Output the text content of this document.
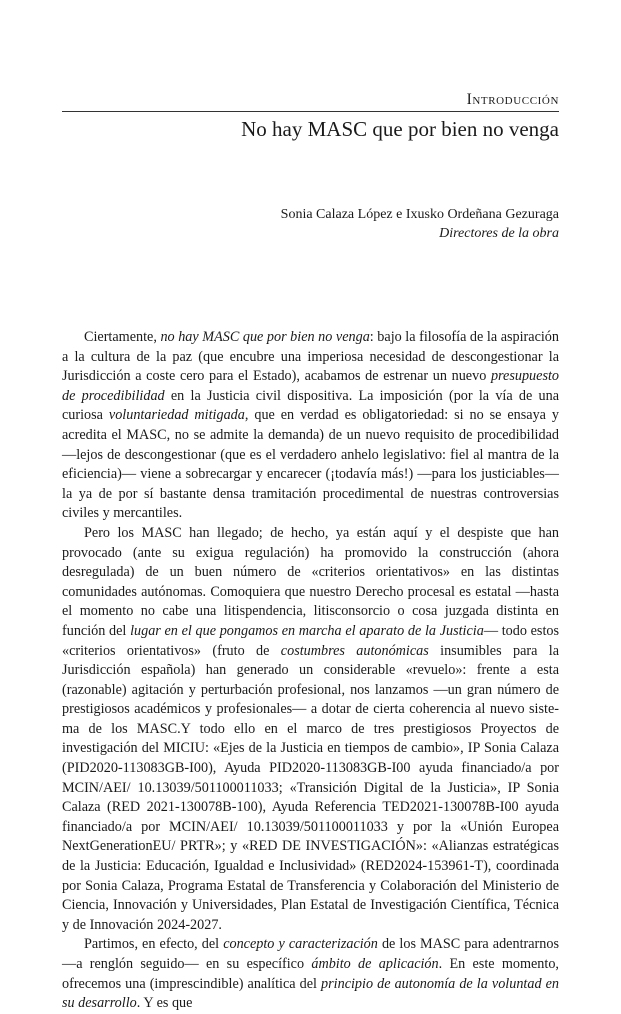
Introducción
No hay MASC que por bien no venga
Sonia Calaza López e Ixusko Ordeñana Gezuraga
Directores de la obra

Ciertamente, no hay MASC que por bien no venga: bajo la filosofía de la aspiración a la cultura de la paz (que encubre una imperiosa necesidad de descongestionar la Jurisdicción a coste cero para el Estado), acabamos de estrenar un nuevo presupuesto de procedibilidad en la Justicia civil dispositiva. La imposición (por la vía de una curiosa voluntariedad mitigada, que en verdad es obligatoriedad: si no se ensaya y acredita el MASC, no se admite la demanda) de un nuevo requisito de procedibilidad —lejos de descongestionar (que es el verdadero anhelo legislativo: fiel al mantra de la eficiencia)— viene a sobrecargar y encarecer (¡todavía más!) —para los justiciables— la ya de por sí bastante densa tramitación procedimental de nuestras controversias civiles y mercantiles.

Pero los MASC han llegado; de hecho, ya están aquí y el despiste que han provocado (ante su exigua regulación) ha promovido la construcción (ahora desregulada) de un buen número de «criterios orientativos» en las distintas comunidades autónomas. Comoquiera que nuestro Derecho procesal es estatal —hasta el momento no cabe una litispendencia, litisconsorcio o cosa juzgada distinta en función del lugar en el que pongamos en marcha el aparato de la Justicia— todo estos «criterios orientativos» (fruto de costumbres autonómicas insumibles para la Jurisdicción española) han generado un considerable «revuelo»: frente a esta (razonable) agitación y perturbación profesional, nos lanzamos —un gran número de prestigiosos académicos y profesionales— a dotar de cierta coherencia al nuevo sistema de los MASC.Y todo ello en el marco de tres prestigiosos Proyectos de investigación del MICIU: «Ejes de la Justicia en tiempos de cambio», IP Sonia Calaza (PID2020-113083GB-I00), Ayuda PID2020-113083GB-I00 ayuda financiado/a por MCIN/AEI/ 10.13039/501100011033; «Transición Digital de la Justicia», IP Sonia Calaza (RED 2021-130078B-100), Ayuda Referencia TED2021-130078B-I00 ayuda financiado/a por MCIN/AEI/ 10.13039/501100011033 y por la «Unión Europea NextGenerationEU/ PRTR»; y «RED DE INVESTIGACIÓN»: «Alianzas estratégicas de la Justicia: Educación, Igualdad e Inclusividad» (RED2024-153961-T), coordinada por Sonia Calaza, Programa Estatal de Transferencia y Colaboración del Ministerio de Ciencia, Innovación y Universidades, Plan Estatal de Investigación Científica, Técnica y de Innovación 2024-2027.

Partimos, en efecto, del concepto y caracterización de los MASC para adentrarnos —a renglón seguido— en su específico ámbito de aplicación. En este momento, ofrecemos una (imprescindible) analítica del principio de autonomía de la voluntad en su desarrollo. Y es que
